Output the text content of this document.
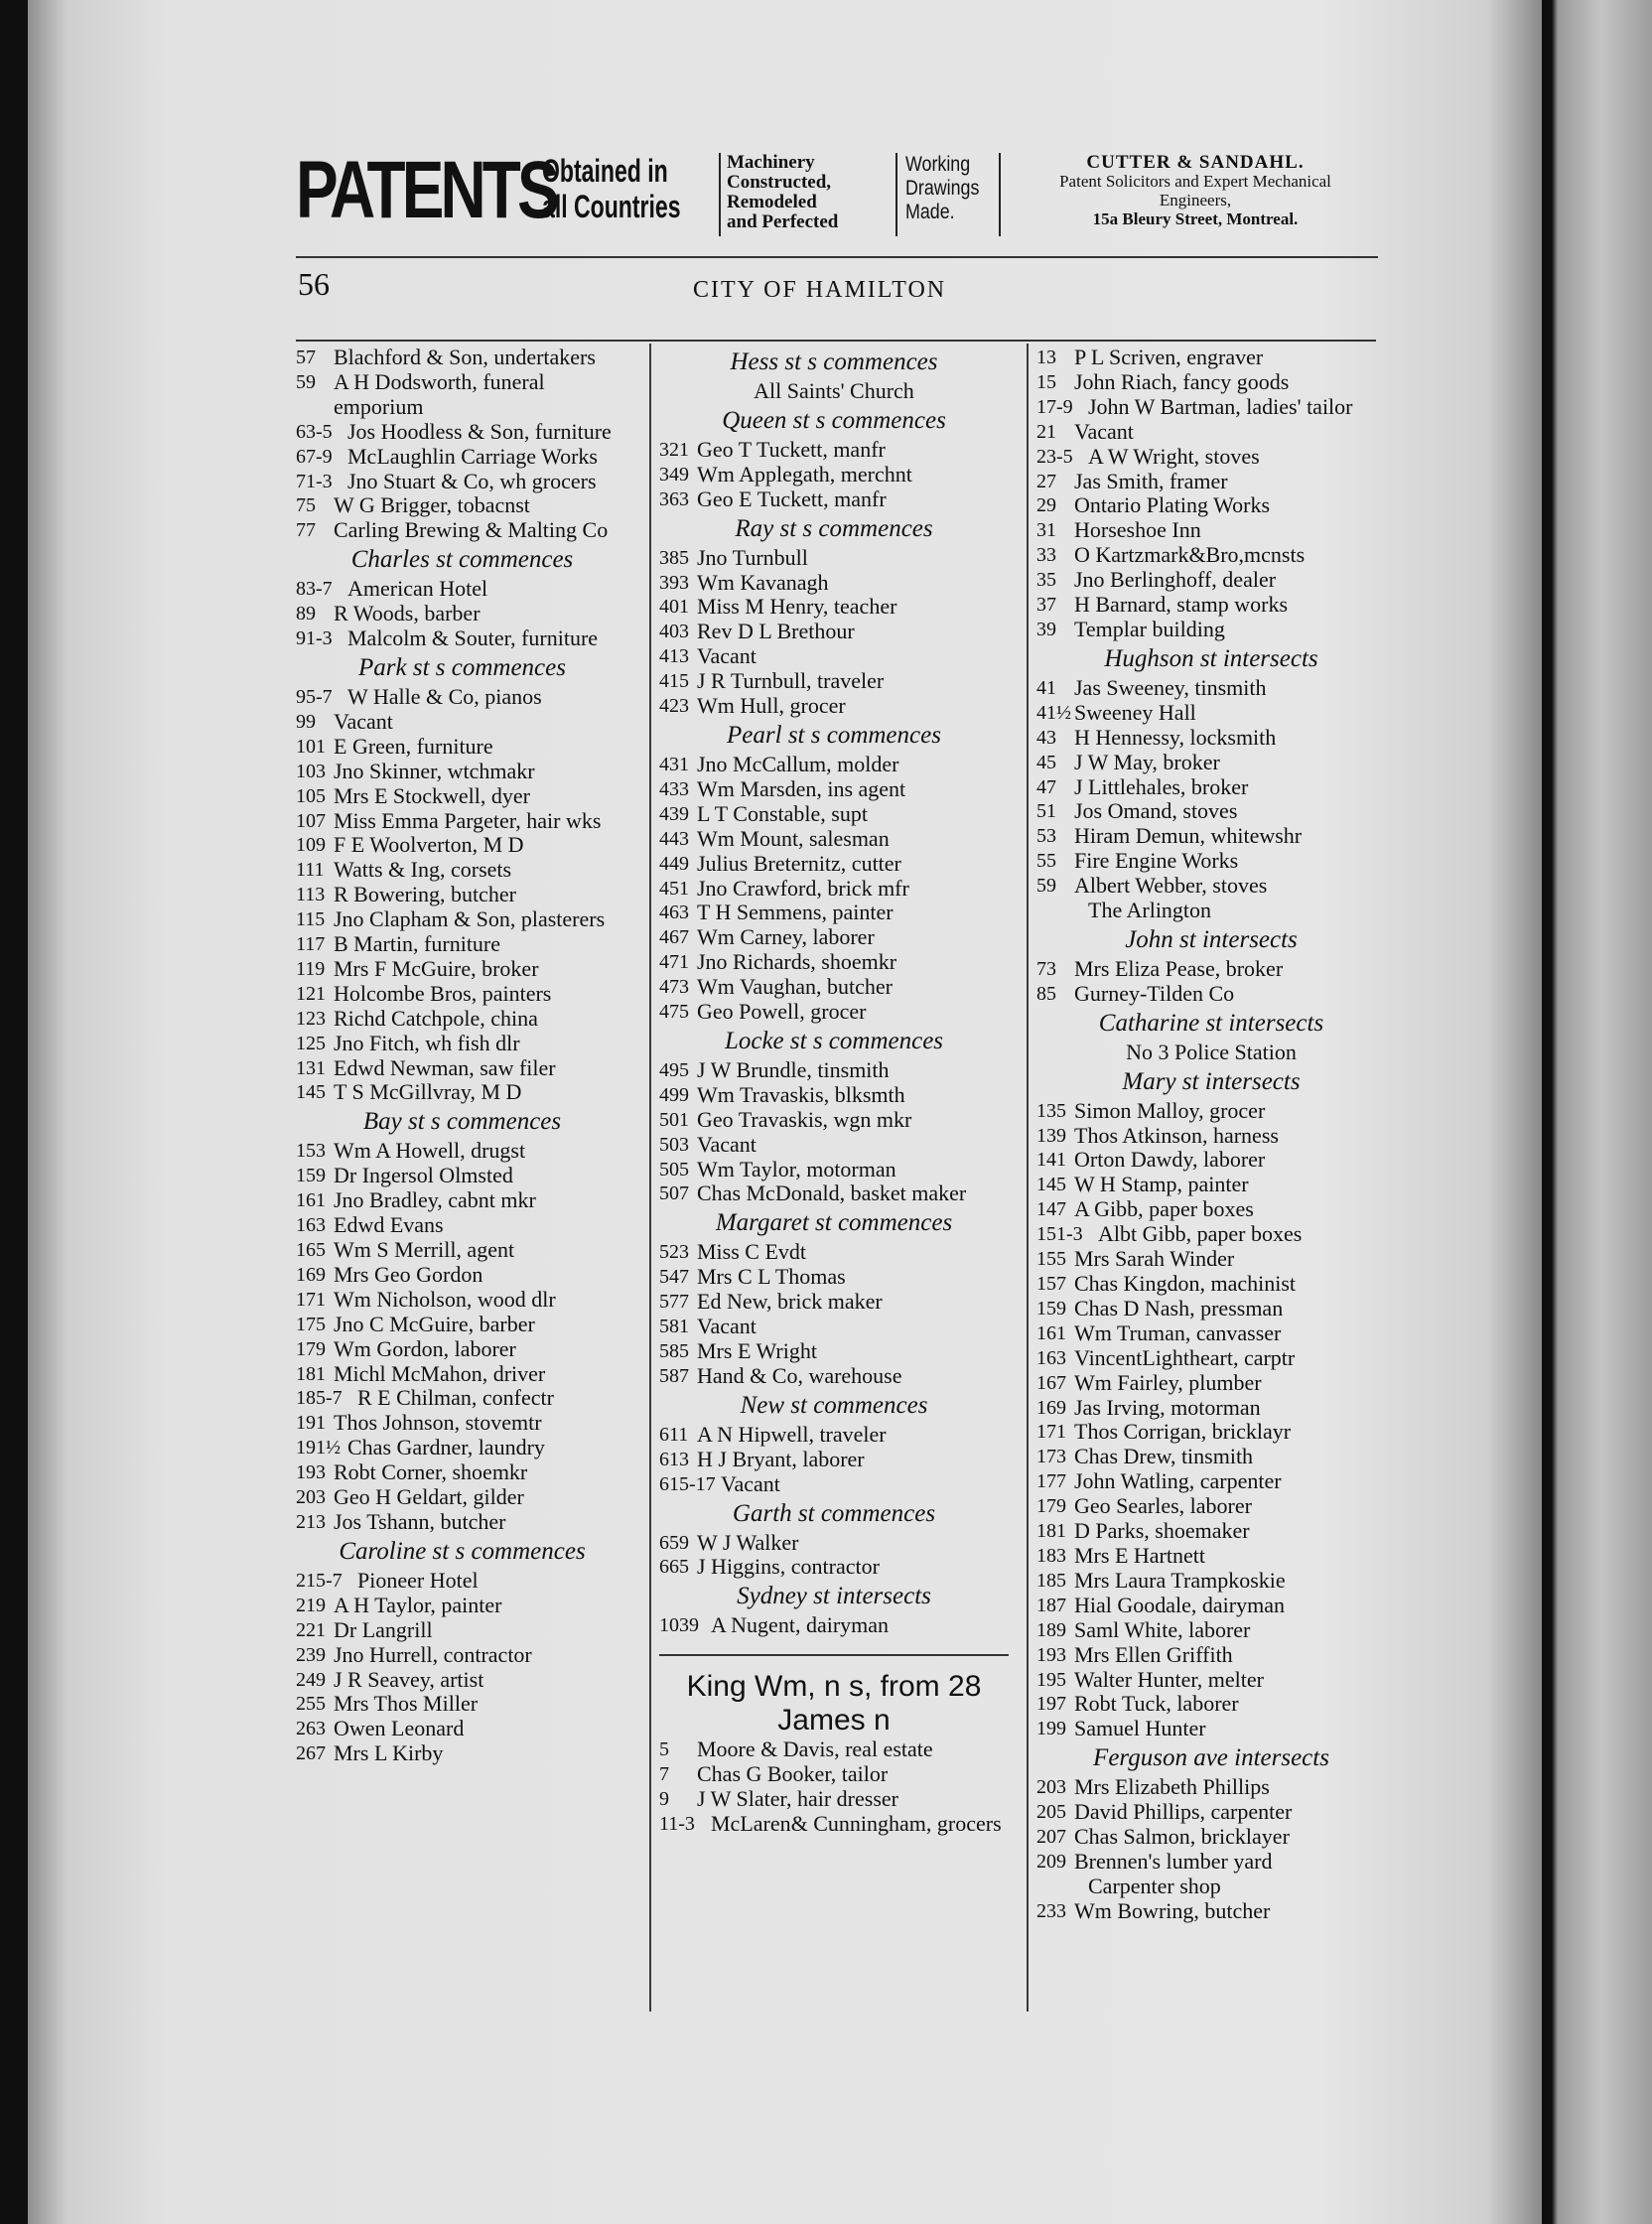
PATENTS
Obtained in
all Countries
Machinery
Constructed,
Remodeled
and Perfected
Working
Drawings
Made.
CUTTER & SANDAHL.
Patent Solicitors and Expert Mechanical
Engineers,
15a Bleury Street, Montreal.
56	CITY OF HAMILTON
57 Blachford & Son, undertakers
59 A H Dodsworth, funeral emporium
63-5 Jos Hoodless & Son, furniture
67-9 McLaughlin Carriage Works
71-3 Jno Stuart & Co, wh grocers
75 W G Brigger, tobacnst
77 Carling Brewing & Malting Co
Charles st commences
83-7 American Hotel
89 R Woods, barber
91-3 Malcolm & Souter, furniture
Park st s commences
95-7 W Halle & Co, pianos
99 Vacant
101 E Green, furniture
103 Jno Skinner, wtchmakr
105 Mrs E Stockwell, dyer
107 Miss Emma Pargeter, hair wks
109 F E Woolverton, M D
111 Watts & Ing, corsets
113 R Bowering, butcher
115 Jno Clapham & Son, plasterers
117 B Martin, furniture
119 Mrs F McGuire, broker
121 Holcombe Bros, painters
123 Richd Catchpole, china
125 Jno Fitch, wh fish dlr
131 Edwd Newman, saw filer
145 T S McGillvray, M D
Bay st s commences
153 Wm A Howell, drugst
159 Dr Ingersol Olmsted
161 Jno Bradley, cabnt mkr
163 Edwd Evans
165 Wm S Merrill, agent
169 Mrs Geo Gordon
171 Wm Nicholson, wood dlr
175 Jno C McGuire, barber
179 Wm Gordon, laborer
181 Michl McMahon, driver
185-7 R E Chilman, confectr
191 Thos Johnson, stovemtr
191½ Chas Gardner, laundry
193 Robt Corner, shoemkr
203 Geo H Geldart, gilder
213 Jos Tshann, butcher
Caroline st s commences
215-7 Pioneer Hotel
219 A H Taylor, painter
221 Dr Langrill
239 Jno Hurrell, contractor
249 J R Seavey, artist
255 Mrs Thos Miller
263 Owen Leonard
267 Mrs L Kirby
Hess st s commences
All Saints' Church
Queen st s commences
321 Geo T Tuckett, manfr
349 Wm Applegath, merchnt
363 Geo E Tuckett, manfr
Ray st s commences
385 Jno Turnbull
393 Wm Kavanagh
401 Miss M Henry, teacher
403 Rev D L Brethour
413 Vacant
415 J R Turnbull, traveler
423 Wm Hull, grocer
Pearl st s commences
431 Jno McCallum, molder
433 Wm Marsden, ins agent
439 L T Constable, supt
443 Wm Mount, salesman
449 Julius Breternitz, cutter
451 Jno Crawford, brick mfr
463 T H Semmens, painter
467 Wm Carney, laborer
471 Jno Richards, shoemkr
473 Wm Vaughan, butcher
475 Geo Powell, grocer
Locke st s commences
495 J W Brundle, tinsmith
499 Wm Travaskis, blksmth
501 Geo Travaskis, wgn mkr
503 Vacant
505 Wm Taylor, motorman
507 Chas McDonald, basket maker
Margaret st commences
523 Miss C Evdt
547 Mrs C L Thomas
577 Ed New, brick maker
581 Vacant
585 Mrs E Wright
587 Hand & Co, warehouse
New st commences
611 A N Hipwell, traveler
613 H J Bryant, laborer
615-17 Vacant
Garth st commences
659 W J Walker
665 J Higgins, contractor
Sydney st intersects
1039 A Nugent, dairyman
King Wm, n s, from 28 James n
5	Moore & Davis, real estate
7	Chas G Booker, tailor
9	J W Slater, hair dresser
11-3 McLaren& Cunningham, grocers
13 P L Scriven, engraver
15 John Riach, fancy goods
17-9 John W Bartman, ladies' tailor
21 Vacant
23-5 A W Wright, stoves
27 Jas Smith, framer
29 Ontario Plating Works
31 Horseshoe Inn
33 O Kartzmark&Bro,mcnsts
35 Jno Berlinghoff, dealer
37 H Barnard, stamp works
39 Templar building
Hughson st intersects
41 Jas Sweeney, tinsmith
41½ Sweeney Hall
43 H Hennessy, locksmith
45 J W May, broker
47 J Littlehales, broker
51 Jos Omand, stoves
53 Hiram Demun, whitewshr
55 Fire Engine Works
59 Albert Webber, stoves
The Arlington
John st intersects
73 Mrs Eliza Pease, broker
85 Gurney-Tilden Co
Catharine st intersects
No 3 Police Station
Mary st intersects
135 Simon Malloy, grocer
139 Thos Atkinson, harness
141 Orton Dawdy, laborer
145 W H Stamp, painter
147 A Gibb, paper boxes
151-3 Albt Gibb, paper boxes
155 Mrs Sarah Winder
157 Chas Kingdon, machinist
159 Chas D Nash, pressman
161 Wm Truman, canvasser
163 VincentLightheart, carptr
167 Wm Fairley, plumber
169 Jas Irving, motorman
171 Thos Corrigan, bricklayr
173 Chas Drew, tinsmith
177 John Watling, carpenter
179 Geo Searles, laborer
181 D Parks, shoemaker
183 Mrs E Hartnett
185 Mrs Laura Trampkoskie
187 Hial Goodale, dairyman
189 Saml White, laborer
193 Mrs Ellen Griffith
195 Walter Hunter, melter
197 Robt Tuck, laborer
199 Samuel Hunter
Ferguson ave intersects
203 Mrs Elizabeth Phillips
205 David Phillips, carpenter
207 Chas Salmon, bricklayer
209 Brennen's lumber yard
Carpenter shop
233 Wm Bowring, butcher
